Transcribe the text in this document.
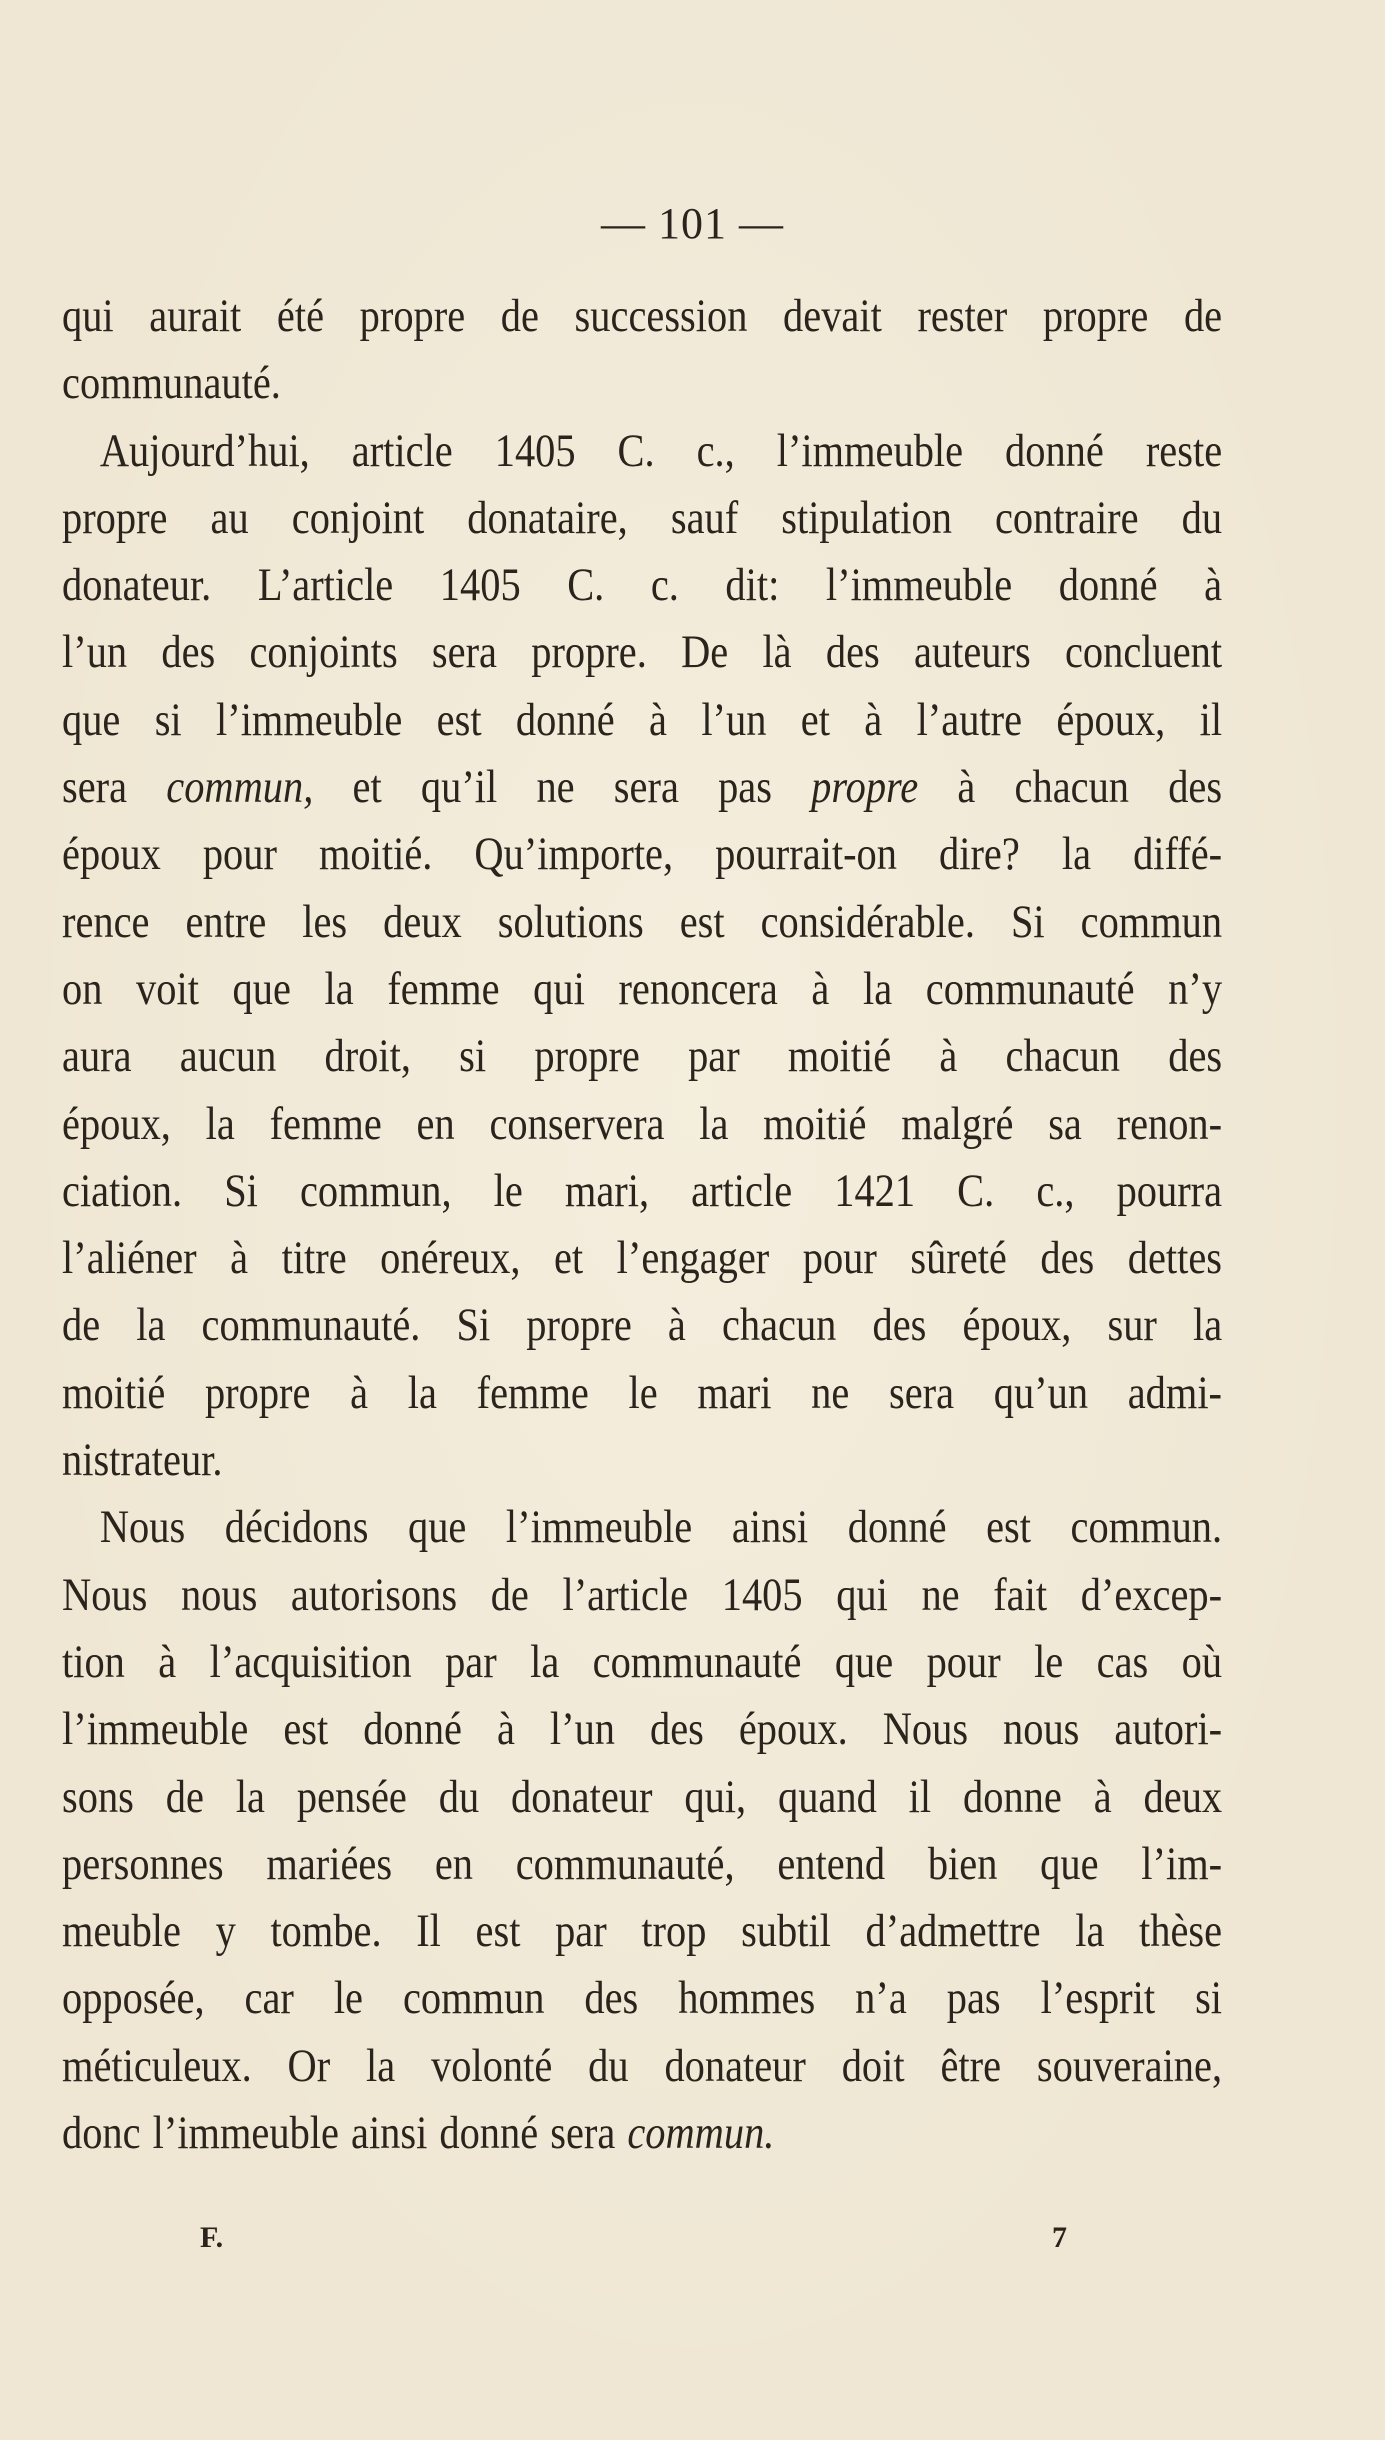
— 101 —
qui aurait été propre de succession devait rester propre de
communauté.
Aujourd’hui, article 1405 C. c., l’immeuble donné reste
propre au conjoint donataire, sauf stipulation contraire du
donateur. L’article 1405 C. c. dit: l’immeuble donné à
l’un des conjoints sera propre. De là des auteurs concluent
que si l’immeuble est donné à l’un et à l’autre époux, il
sera commun, et qu’il ne sera pas propre à chacun des
époux pour moitié. Qu’importe, pourrait-on dire? la diffé-
rence entre les deux solutions est considérable. Si commun
on voit que la femme qui renoncera à la communauté n’y
aura aucun droit, si propre par moitié à chacun des
époux, la femme en conservera la moitié malgré sa renon-
ciation. Si commun, le mari, article 1421 C. c., pourra
l’aliéner à titre onéreux, et l’engager pour sûreté des dettes
de la communauté. Si propre à chacun des époux, sur la
moitié propre à la femme le mari ne sera qu’un admi-
nistrateur.
Nous décidons que l’immeuble ainsi donné est commun.
Nous nous autorisons de l’article 1405 qui ne fait d’excep-
tion à l’acquisition par la communauté que pour le cas où
l’immeuble est donné à l’un des époux. Nous nous autori-
sons de la pensée du donateur qui, quand il donne à deux
personnes mariées en communauté, entend bien que l’im-
meuble y tombe. Il est par trop subtil d’admettre la thèse
opposée, car le commun des hommes n’a pas l’esprit si
méticuleux. Or la volonté du donateur doit être souveraine,
donc l’immeuble ainsi donné sera commun.
F.	7
